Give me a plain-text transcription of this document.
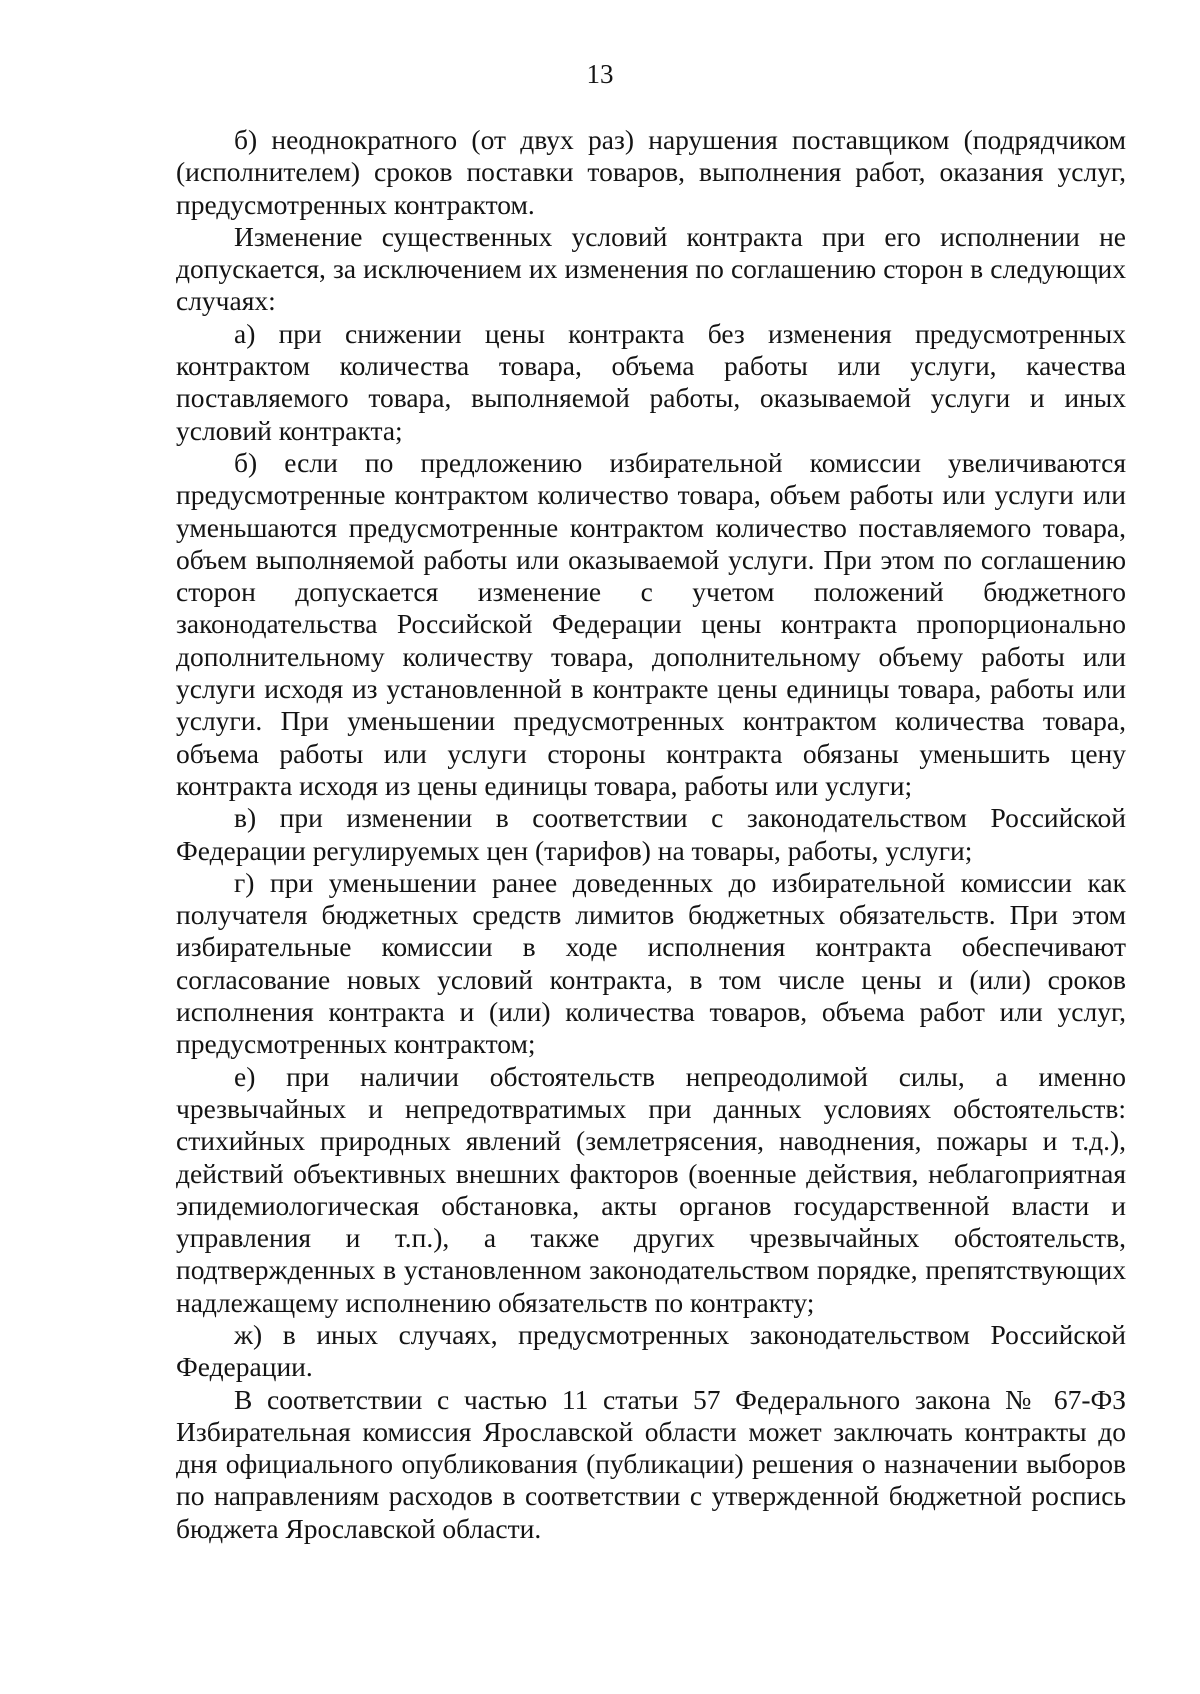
13

б) неоднократного (от двух раз) нарушения поставщиком (подрядчиком (исполнителем) сроков поставки товаров, выполнения работ, оказания услуг, предусмотренных контрактом.

Изменение существенных условий контракта при его исполнении не допускается, за исключением их изменения по соглашению сторон в следующих случаях:

а) при снижении цены контракта без изменения предусмотренных контрактом количества товара, объема работы или услуги, качества поставляемого товара, выполняемой работы, оказываемой услуги и иных условий контракта;

б) если по предложению избирательной комиссии увеличиваются предусмотренные контрактом количество товара, объем работы или услуги или уменьшаются предусмотренные контрактом количество поставляемого товара, объем выполняемой работы или оказываемой услуги. При этом по соглашению сторон допускается изменение с учетом положений бюджетного законодательства Российской Федерации цены контракта пропорционально дополнительному количеству товара, дополнительному объему работы или услуги исходя из установленной в контракте цены единицы товара, работы или услуги. При уменьшении предусмотренных контрактом количества товара, объема работы или услуги стороны контракта обязаны уменьшить цену контракта исходя из цены единицы товара, работы или услуги;

в) при изменении в соответствии с законодательством Российской Федерации регулируемых цен (тарифов) на товары, работы, услуги;

г) при уменьшении ранее доведенных до избирательной комиссии как получателя бюджетных средств лимитов бюджетных обязательств. При этом избирательные комиссии в ходе исполнения контракта обеспечивают согласование новых условий контракта, в том числе цены и (или) сроков исполнения контракта и (или) количества товаров, объема работ или услуг, предусмотренных контрактом;

е) при наличии обстоятельств непреодолимой силы, а именно чрезвычайных и непредотвратимых при данных условиях обстоятельств: стихийных природных явлений (землетрясения, наводнения, пожары и т.д.), действий объективных внешних факторов (военные действия, неблагоприятная эпидемиологическая обстановка, акты органов государственной власти и управления и т.п.), а также других чрезвычайных обстоятельств, подтвержденных в установленном законодательством порядке, препятствующих надлежащему исполнению обязательств по контракту;

ж) в иных случаях, предусмотренных законодательством Российской Федерации.

В соответствии с частью 11 статьи 57 Федерального закона № 67-ФЗ Избирательная комиссия Ярославской области может заключать контракты до дня официального опубликования (публикации) решения о назначении выборов по направлениям расходов в соответствии с утвержденной бюджетной роспись бюджета Ярославской области.
